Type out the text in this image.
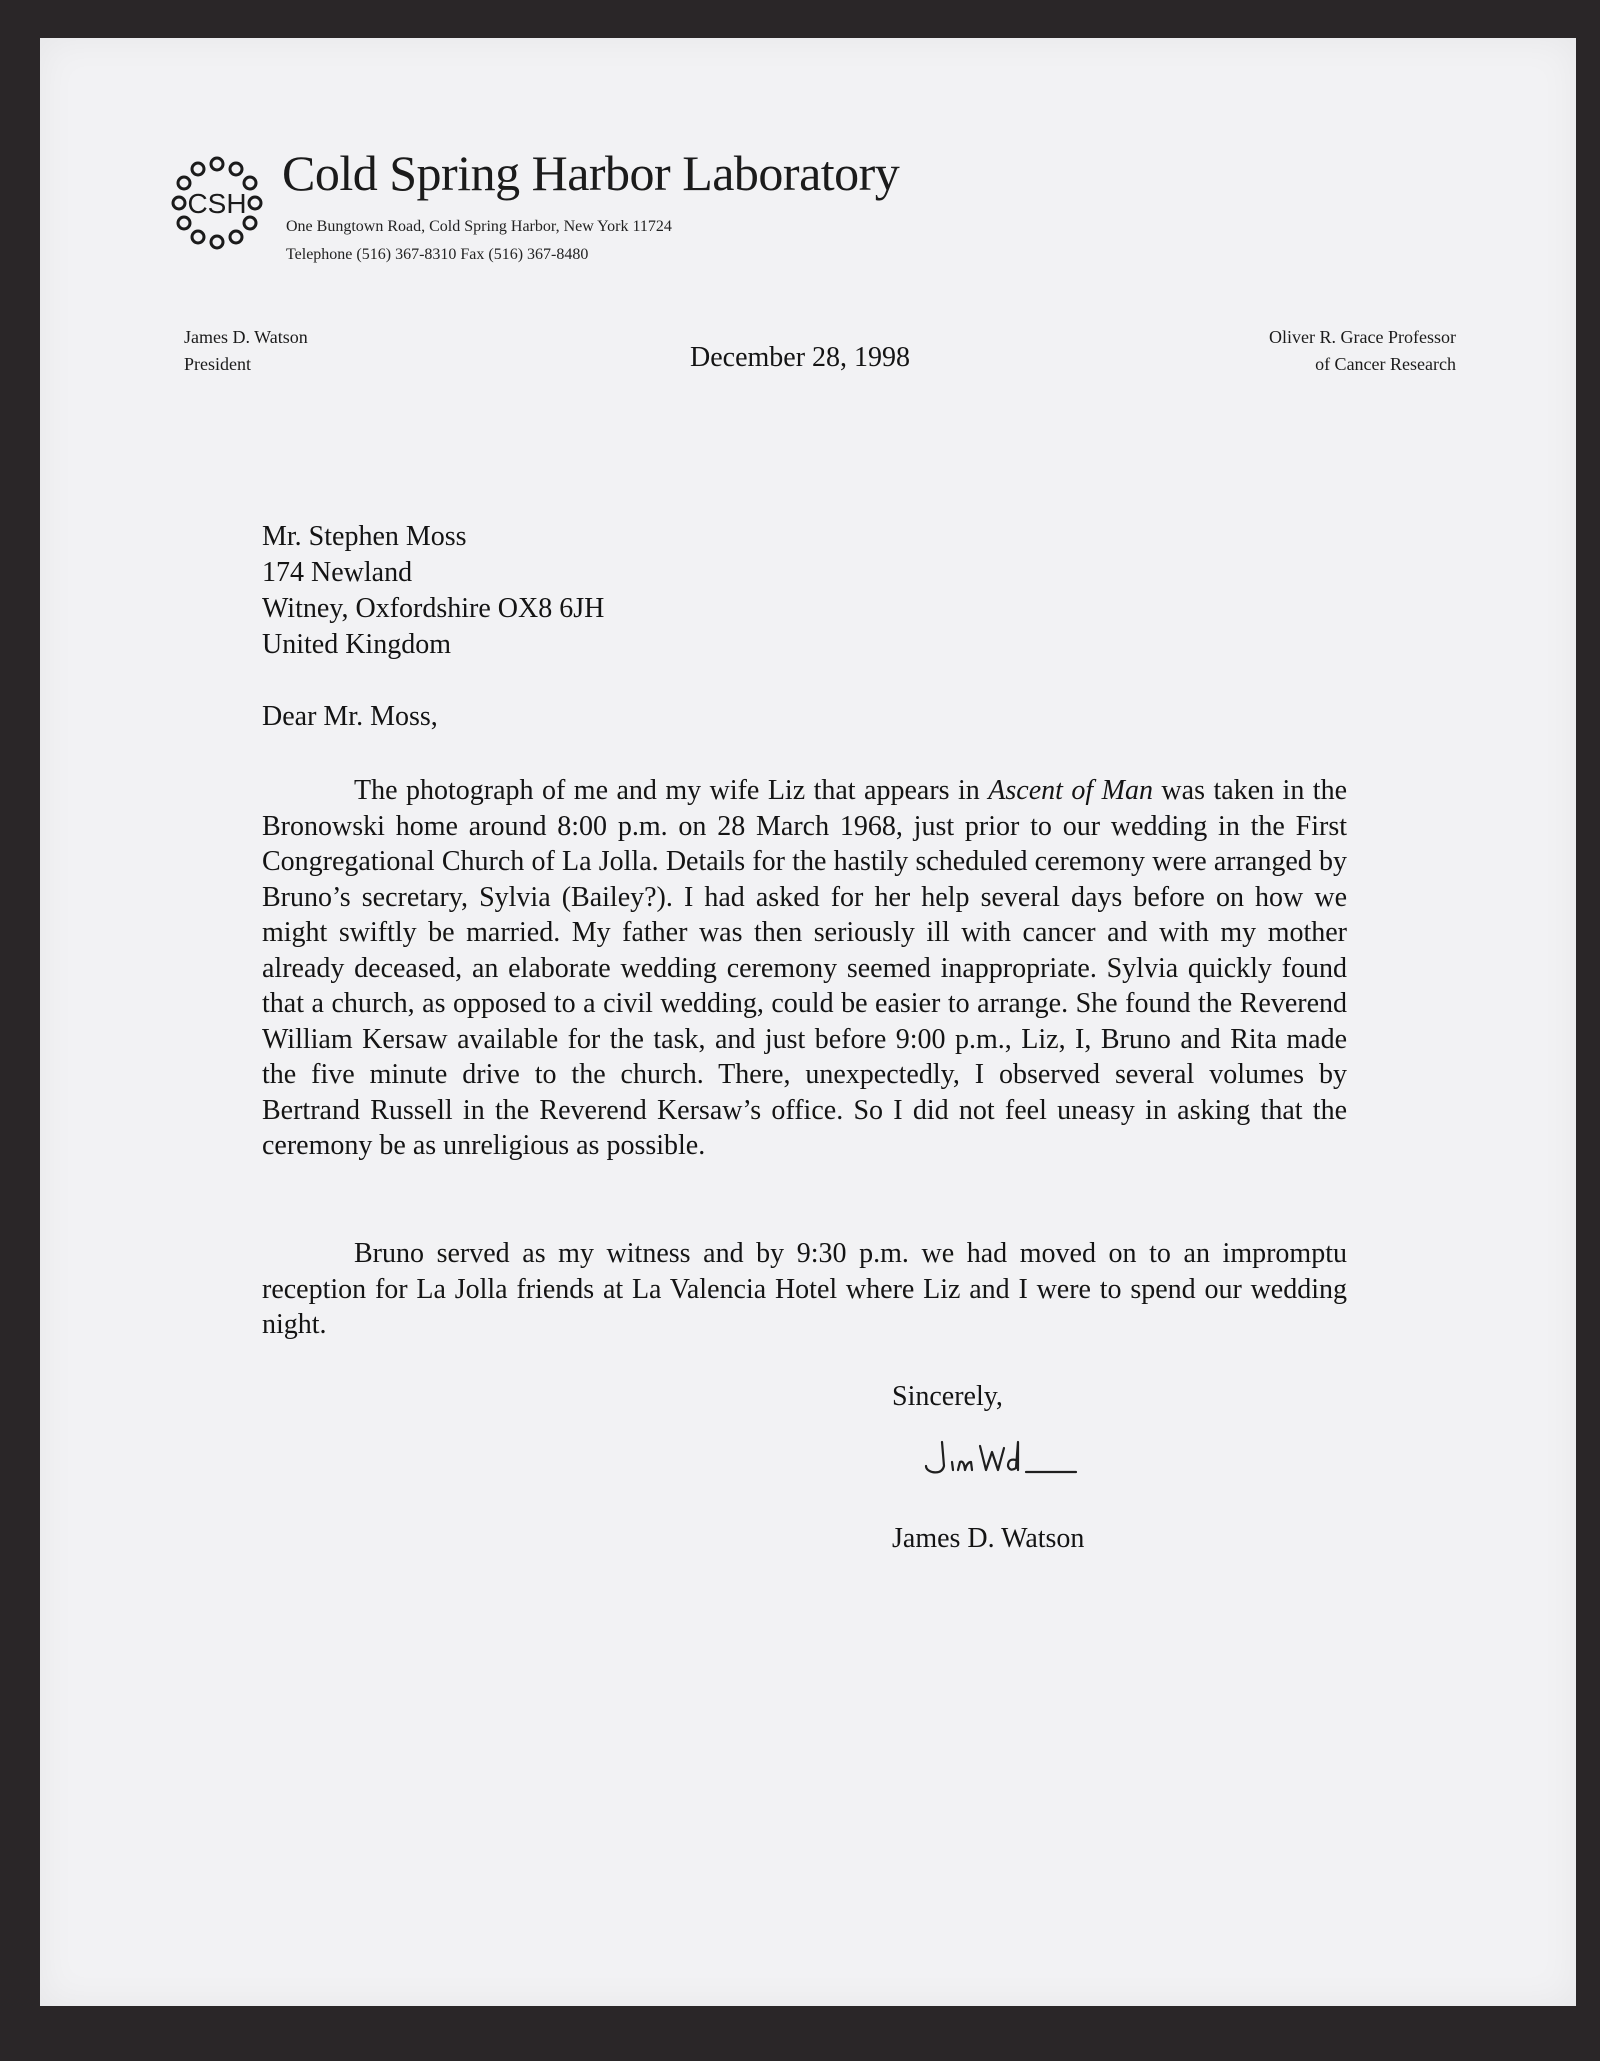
CSH
Cold Spring Harbor Laboratory
One Bungtown Road, Cold Spring Harbor, New York 11724
Telephone (516) 367-8310 Fax (516) 367-8480
James D. Watson
President	December 28, 1998
Oliver R. Grace Professor
of Cancer Research
Mr. Stephen Moss
174 Newland
Witney, Oxfordshire OX8 6JH
United Kingdom
Dear Mr. Moss,
The photograph of me and my wife Liz that appears in Ascent of Man was taken in the Bronowski home around 8:00 p.m. on 28 March 1968, just prior to our wedding in the First Congregational Church of La Jolla. Details for the hastily scheduled ceremony were arranged by Bruno’s secretary, Sylvia (Bailey?). I had asked for her help several days before on how we might swiftly be married. My father was then seriously ill with cancer and with my mother already deceased, an elaborate wedding ceremony seemed inappropriate. Sylvia quickly found that a church, as opposed to a civil wedding, could be easier to arrange. She found the Reverend William Kersaw available for the task, and just before 9:00 p.m., Liz, I, Bruno and Rita made the five minute drive to the church. There, unexpectedly, I observed several volumes by Bertrand Russell in the Reverend Kersaw’s office. So I did not feel uneasy in asking that the ceremony be as unreligious as possible.
Bruno served as my witness and by 9:30 p.m. we had moved on to an impromptu reception for La Jolla friends at La Valencia Hotel where Liz and I were to spend our wedding night.
Sincerely,
James D. Watson
